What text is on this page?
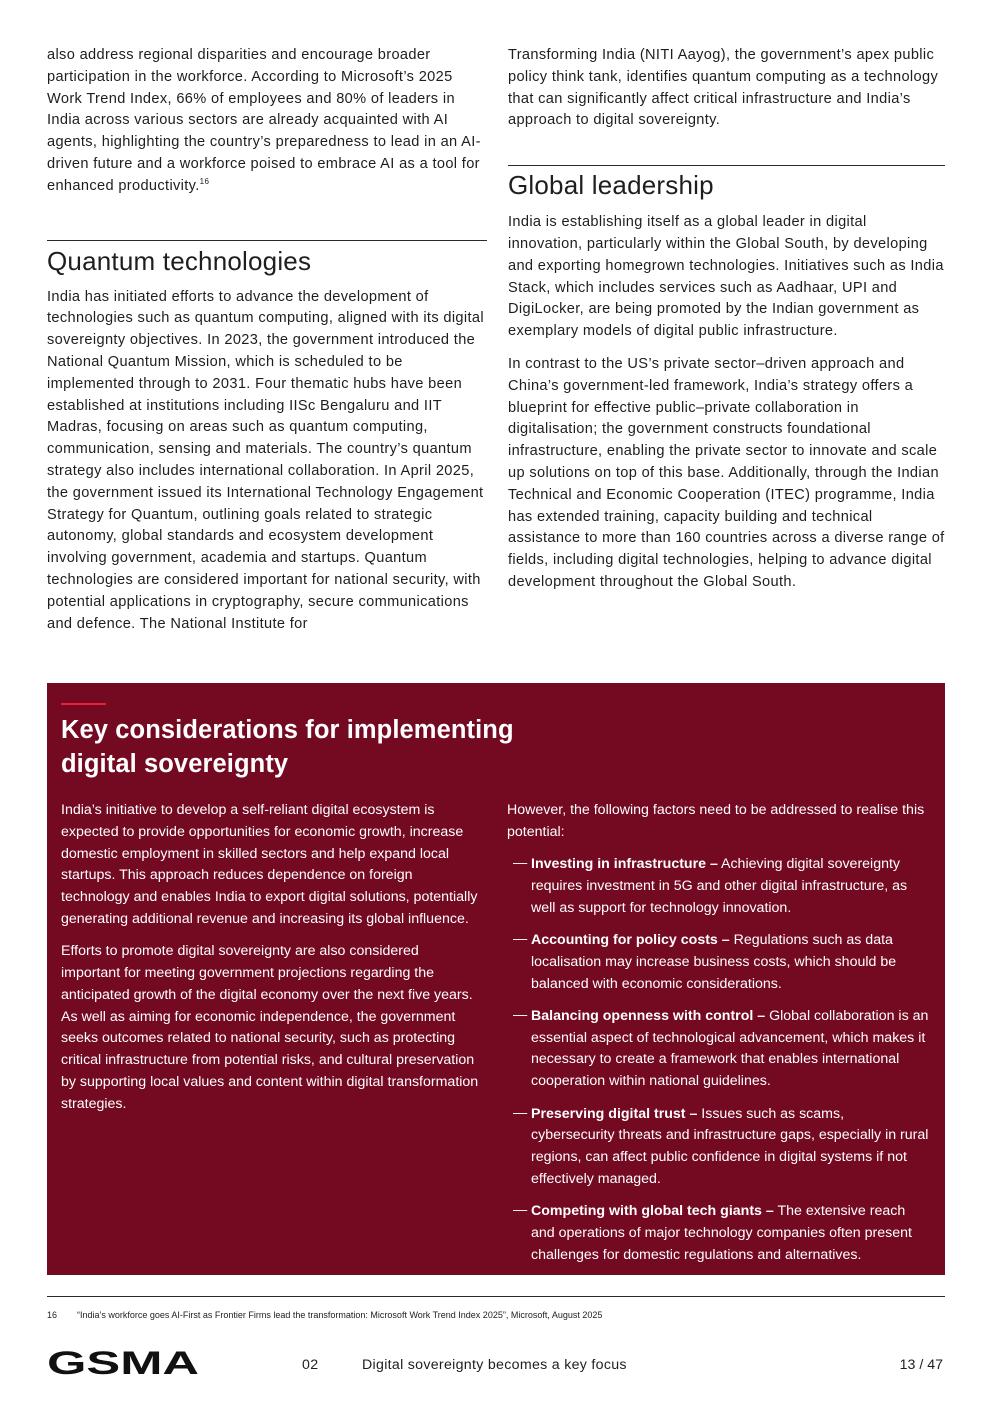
also address regional disparities and encourage broader participation in the workforce. According to Microsoft’s 2025 Work Trend Index, 66% of employees and 80% of leaders in India across various sectors are already acquainted with AI agents, highlighting the country’s preparedness to lead in an AI-driven future and a workforce poised to embrace AI as a tool for enhanced productivity.$^{16}$

Quantum technologies

India has initiated efforts to advance the development of technologies such as quantum computing, aligned with its digital sovereignty objectives. In 2023, the government introduced the National Quantum Mission, which is scheduled to be implemented through to 2031. Four thematic hubs have been established at institutions including IISc Bengaluru and IIT Madras, focusing on areas such as quantum computing, communication, sensing and materials. The country’s quantum strategy also includes international collaboration. In April 2025, the government issued its International Technology Engagement Strategy for Quantum, outlining goals related to strategic autonomy, global standards and ecosystem development involving government, academia and startups. Quantum technologies are considered important for national security, with potential applications in cryptography, secure communications and defence. The National Institute for

Transforming India (NITI Aayog), the government’s apex public policy think tank, identifies quantum computing as a technology that can significantly affect critical infrastructure and India’s approach to digital sovereignty.

Global leadership

India is establishing itself as a global leader in digital innovation, particularly within the Global South, by developing and exporting homegrown technologies. Initiatives such as India Stack, which includes services such as Aadhaar, UPI and DigiLocker, are being promoted by the Indian government as exemplary models of digital public infrastructure.

In contrast to the US’s private sector–driven approach and China’s government-led framework, India’s strategy offers a blueprint for effective public–private collaboration in digitalisation; the government constructs foundational infrastructure, enabling the private sector to innovate and scale up solutions on top of this base. Additionally, through the Indian Technical and Economic Cooperation (ITEC) programme, India has extended training, capacity building and technical assistance to more than 160 countries across a diverse range of fields, including digital technologies, helping to advance digital development throughout the Global South.

Key considerations for implementing digital sovereignty

India’s initiative to develop a self-reliant digital ecosystem is expected to provide opportunities for economic growth, increase domestic employment in skilled sectors and help expand local startups. This approach reduces dependence on foreign technology and enables India to export digital solutions, potentially generating additional revenue and increasing its global influence.

Efforts to promote digital sovereignty are also considered important for meeting government projections regarding the anticipated growth of the digital economy over the next five years. As well as aiming for economic independence, the government seeks outcomes related to national security, such as protecting critical infrastructure from potential risks, and cultural preservation by supporting local values and content within digital transformation strategies.

However, the following factors need to be addressed to realise this potential:

— Investing in infrastructure – Achieving digital sovereignty requires investment in 5G and other digital infrastructure, as well as support for technology innovation.
— Accounting for policy costs – Regulations such as data localisation may increase business costs, which should be balanced with economic considerations.
— Balancing openness with control – Global collaboration is an essential aspect of technological advancement, which makes it necessary to create a framework that enables international cooperation within national guidelines.
— Preserving digital trust – Issues such as scams, cybersecurity threats and infrastructure gaps, especially in rural regions, can affect public confidence in digital systems if not effectively managed.
— Competing with global tech giants – The extensive reach and operations of major technology companies often present challenges for domestic regulations and alternatives.
16 “India’s workforce goes AI-First as Frontier Firms lead the transformation: Microsoft Work Trend Index 2025”, Microsoft, August 2025
GSMA	02	Digital sovereignty becomes a key focus	13 / 47
